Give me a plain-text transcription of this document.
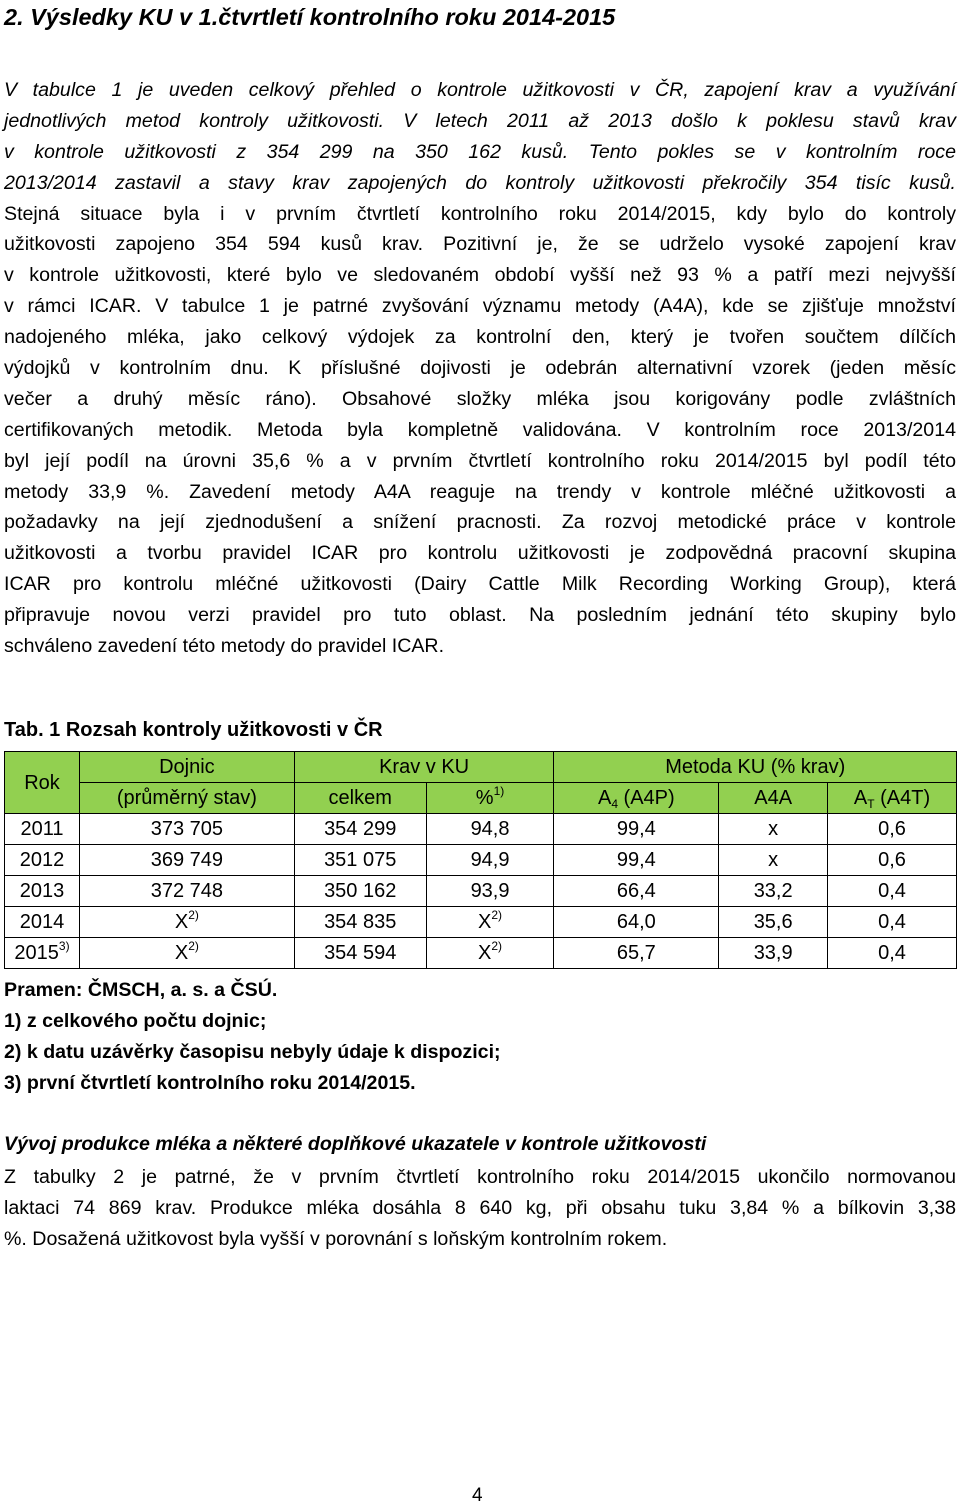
2. Výsledky KU v 1.čtvrtletí kontrolního roku 2014-2015
V tabulce 1 je uveden celkový přehled o kontrole užitkovosti v ČR, zapojení krav a využívání
jednotlivých metod kontroly užitkovosti. V letech 2011 až 2013 došlo k poklesu stavů krav
v kontrole užitkovosti z 354 299 na 350 162 kusů. Tento pokles se v kontrolním roce
2013/2014 zastavil a stavy krav zapojených do kontroly užitkovosti překročily 354 tisíc kusů.
Stejná situace byla i v prvním čtvrtletí kontrolního roku 2014/2015, kdy bylo do kontroly
užitkovosti zapojeno 354 594 kusů krav. Pozitivní je, že se udrželo vysoké zapojení krav
v kontrole užitkovosti, které bylo ve sledovaném období vyšší než 93 % a patří mezi nejvyšší
v rámci ICAR. V tabulce 1 je patrné zvyšování významu metody (A4A), kde se zjišťuje množství
nadojeného mléka, jako celkový výdojek za kontrolní den, který je tvořen součtem dílčích
výdojků v kontrolním dnu. K příslušné dojivosti je odebrán alternativní vzorek (jeden měsíc
večer a druhý měsíc ráno). Obsahové složky mléka jsou korigovány podle zvláštních
certifikovaných metodik. Metoda byla kompletně validována. V kontrolním roce 2013/2014
byl její podíl na úrovni 35,6 % a v prvním čtvrtletí kontrolního roku 2014/2015 byl podíl této
metody 33,9 %. Zavedení metody A4A reaguje na trendy v kontrole mléčné užitkovosti a
požadavky na její zjednodušení a snížení pracnosti. Za rozvoj metodické práce v kontrole
užitkovosti a tvorbu pravidel ICAR pro kontrolu užitkovosti je zodpovědná pracovní skupina
ICAR pro kontrolu mléčné užitkovosti (Dairy Cattle Milk Recording Working Group), která
připravuje novou verzi pravidel pro tuto oblast. Na posledním jednání této skupiny bylo
schváleno zavedení této metody do pravidel ICAR.
Tab. 1 Rozsah kontroly užitkovosti v ČR
Rok	Dojnic	Krav v KU		Metoda KU (% krav)		
	(průměrný stav)	celkem	%$^{1)}$	$A_4$ (A4P)	A4A	$A_T$ (A4T)
2011	373 705	354 299	94,8	99,4	x	0,6
2012	369 749	351 075	94,9	99,4	x	0,6
2013	372 748	350 162	93,9	66,4	33,2	0,4
2014	$X^{2)}$	354 835	$X^{2)}$	64,0	35,6	0,4
2015$^{3)}$	$X^{2)}$	354 594	$X^{2)}$	65,7	33,9	0,4
Pramen: ČMSCH, a. s. a ČSÚ.
1) z celkového počtu dojnic;
2) k datu uzávěrky časopisu nebyly údaje k dispozici;
3) první čtvrtletí kontrolního roku 2014/2015.
Vývoj produkce mléka a některé doplňkové ukazatele v kontrole užitkovosti
Z tabulky 2 je patrné, že v prvním čtvrtletí kontrolního roku 2014/2015 ukončilo normovanou
laktaci 74 869 krav. Produkce mléka dosáhla 8 640 kg, při obsahu tuku 3,84 % a bílkovin 3,38
%. Dosažená užitkovost byla vyšší v porovnání s loňským kontrolním rokem.
4
